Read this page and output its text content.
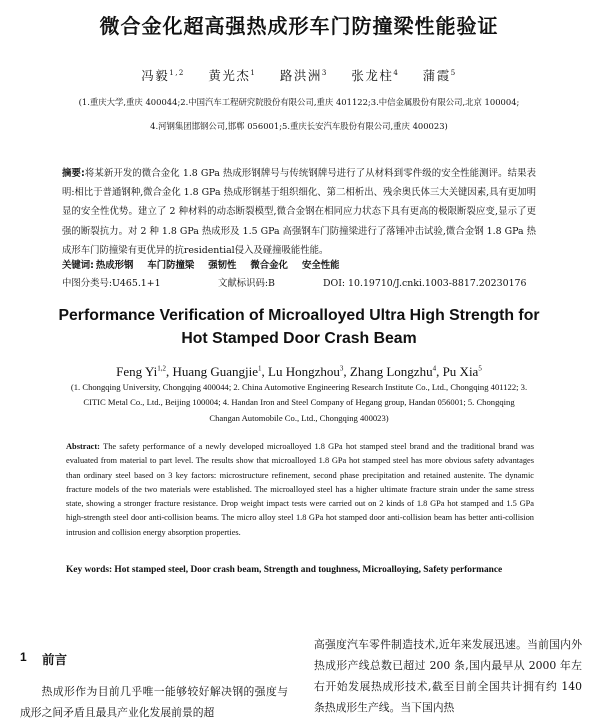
微合金化超高强热成形车门防撞梁性能验证
冯毅$^{1,2}$ 黄光杰$^1$ 路洪洲$^3$ 张龙柱$^4$ 蒲霞$^5$
(1.重庆大学,重庆 400044;2.中国汽车工程研究院股份有限公司,重庆 401122;3.中信金属股份有限公司,北京 100004;
4.河钢集团邯钢公司,邯郸 056001;5.重庆长安汽车股份有限公司,重庆 400023)
摘要:将某新开发的微合金化 1.8 GPa 热成形钢牌号与传统钢牌号进行了从材料到零件级的安全性能测评。结果表明:相比于普通钢种,微合金化 1.8 GPa 热成形钢基于组织细化、第二相析出、残余奥氏体三大关键因素,具有更加明显的安全性优势。建立了 2 种材料的动态断裂模型,微合金钢在相同应力状态下具有更高的极限断裂应变,显示了更强的断裂抗力。对 2 种 1.8 GPa 热成形及 1.5 GPa 高强钢车门防撞梁进行了落锤冲击试验,微合金钢 1.8 GPa 热成形车门防撞梁有更优异的抗residential侵入及碰撞吸能性能。
关键词: 热成形钢 车门防撞梁 强韧性 微合金化 安全性能
中图分类号:U465.1+1	文献标识码:B	DOI: 10.19710/J.cnki.1003-8817.20230176
Performance Verification of Microalloyed Ultra High Strength for
Hot Stamped Door Crash Beam
Feng Yi$^{1,2}$, Huang Guangjie$^1$, Lu Hongzhou$^3$, Zhang Longzhu$^4$, Pu Xia$^5$
(1. Chongqing University, Chongqing 400044; 2. China Automotive Engineering Research Institute Co., Ltd., Chongqing 401122; 3.
CITIC Metal Co., Ltd., Beijing 100004; 4. Handan Iron and Steel Company of Hegang group, Handan 056001; 5. Chongqing
Changan Automobile Co., Ltd., Chongqing 400023)
Abstract: The safety performance of a newly developed microalloyed 1.8 GPa hot stamped steel brand and the traditional brand was evaluated from material to part level. The results show that microalloyed 1.8 GPa hot stamped steel has more obvious safety advantages than ordinary steel based on 3 key factors: microstructure refinement, second phase precipitation and retained austenite. The dynamic fracture models of the two materials were established. The microalloyed steel has a higher ultimate fracture strain under the same stress state, showing a stronger fracture resistance. Drop weight impact tests were carried out on 2 kinds of 1.8 GPa hot stamped and 1.5 GPa high-strength steel door anti-collision beams. The micro alloy steel 1.8 GPa hot stamped door anti-collision beam has better anti-collision intrusion and collision energy absorption properties.
Key words: Hot stamped steel, Door crash beam, Strength and toughness, Microalloying, Safety performance
1 前言
热成形作为目前几乎唯一能够较好解决钢的强度与成形之间矛盾且最具产业化发展前景的超
高强度汽车零件制造技术,近年来发展迅速。当前国内外热成形产线总数已超过 200 条,国内最早从 2000 年左右开始发展热成形技术,截至目前全国共计拥有约 140 条热成形生产线。当下国内热
